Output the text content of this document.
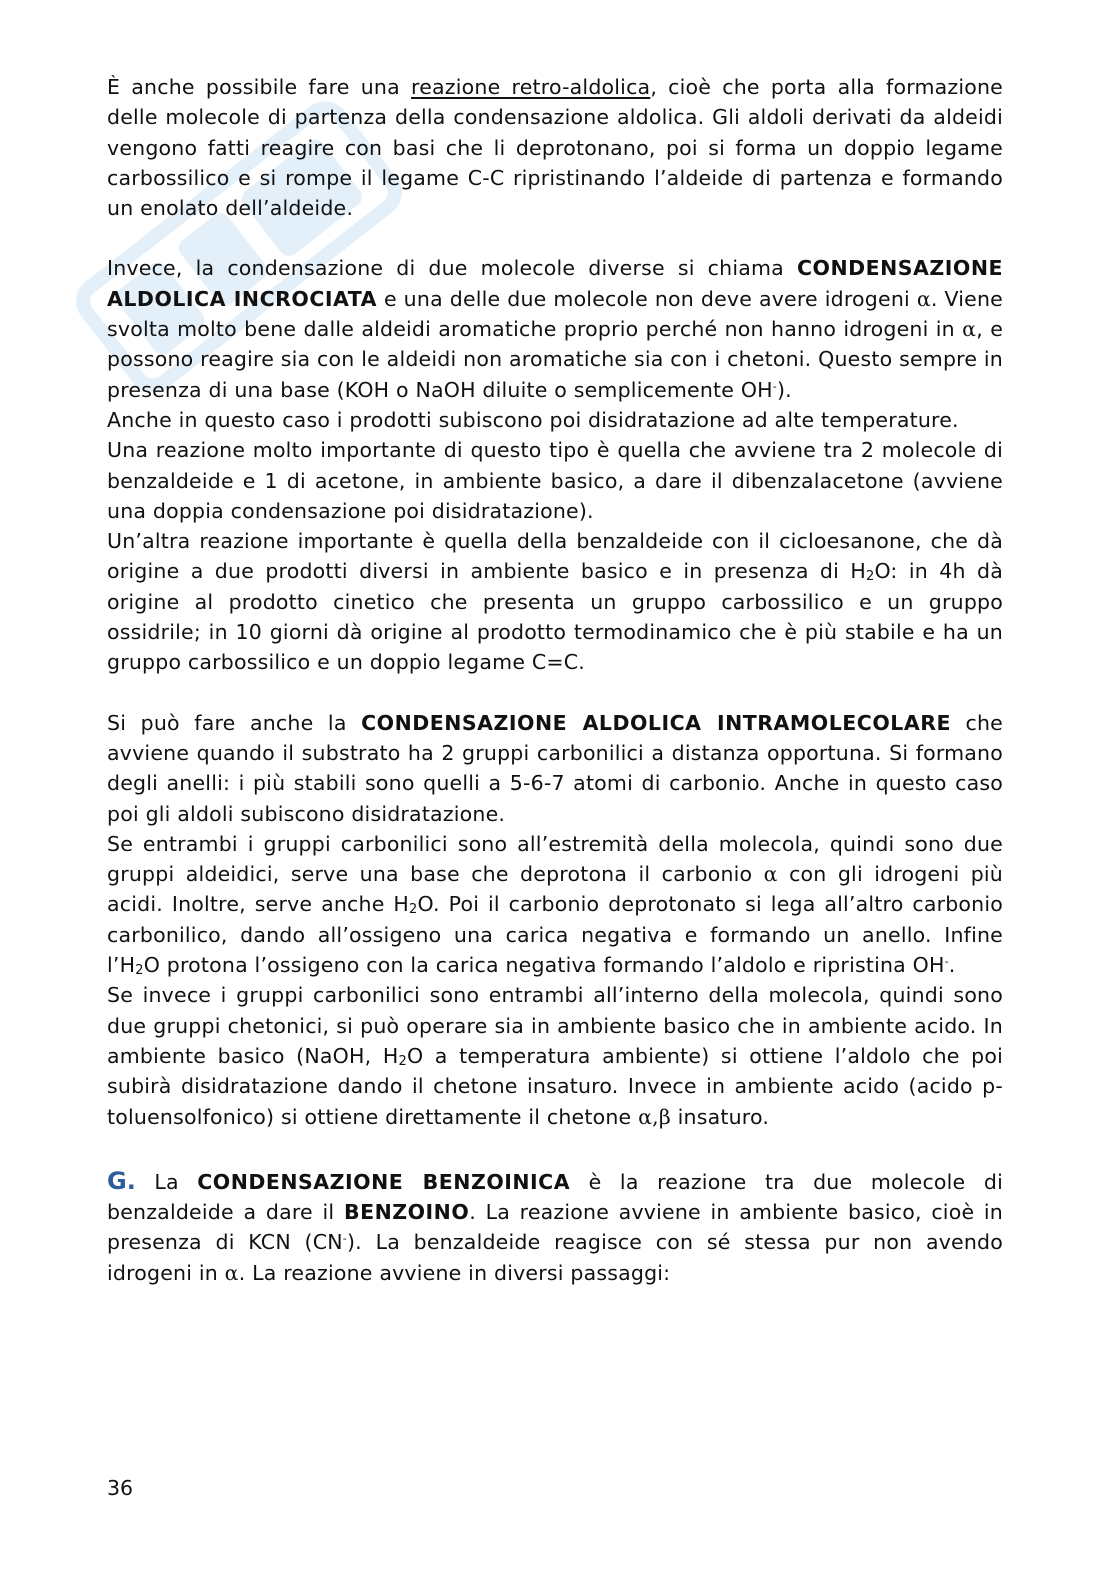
È anche possibile fare una reazione retro-aldolica, cioè che porta alla formazione delle molecole di partenza della condensazione aldolica. Gli aldoli derivati da aldeidi vengono fatti reagire con basi che li deprotonano, poi si forma un doppio legame carbossilico e si rompe il legame C-C ripristinando l’aldeide di partenza e formando un enolato dell’aldeide.

Invece, la condensazione di due molecole diverse si chiama CONDENSAZIONE ALDOLICA INCROCIATA e una delle due molecole non deve avere idrogeni α. Viene svolta molto bene dalle aldeidi aromatiche proprio perché non hanno idrogeni in α, e possono reagire sia con le aldeidi non aromatiche sia con i chetoni. Questo sempre in presenza di una base (KOH o NaOH diluite o semplicemente OH-).

Anche in questo caso i prodotti subiscono poi disidratazione ad alte temperature.

Una reazione molto importante di questo tipo è quella che avviene tra 2 molecole di benzaldeide e 1 di acetone, in ambiente basico, a dare il dibenzalacetone (avviene una doppia condensazione poi disidratazione).

Un’altra reazione importante è quella della benzaldeide con il cicloesanone, che dà origine a due prodotti diversi in ambiente basico e in presenza di $H_2O$: in 4h dà origine al prodotto cinetico che presenta un gruppo carbossilico e un gruppo ossidrile; in 10 giorni dà origine al prodotto termodinamico che è più stabile e ha un gruppo carbossilico e un doppio legame C=C.

Si può fare anche la CONDENSAZIONE ALDOLICA INTRAMOLECOLARE che avviene quando il substrato ha 2 gruppi carbonilici a distanza opportuna. Si formano degli anelli: i più stabili sono quelli a 5-6-7 atomi di carbonio. Anche in questo caso poi gli aldoli subiscono disidratazione.

Se entrambi i gruppi carbonilici sono all’estremità della molecola, quindi sono due gruppi aldeidici, serve una base che deprotona il carbonio α con gli idrogeni più acidi. Inoltre, serve anche $H_2O$. Poi il carbonio deprotonato si lega all’altro carbonio carbonilico, dando all’ossigeno una carica negativa e formando un anello. Infine $l’H_2O$ protona l’ossigeno con la carica negativa formando l’aldolo e ripristina OH-.

Se invece i gruppi carbonilici sono entrambi all’interno della molecola, quindi sono due gruppi chetonici, si può operare sia in ambiente basico che in ambiente acido. In ambiente basico (NaOH, $H_2O$ a temperatura ambiente) si ottiene l’aldolo che poi subirà disidratazione dando il chetone insaturo. Invece in ambiente acido (acido p-toluensolfonico) si ottiene direttamente il chetone α,β insaturo.

G. La CONDENSAZIONE BENZOINICA è la reazione tra due molecole di benzaldeide a dare il BENZOINO. La reazione avviene in ambiente basico, cioè in presenza di KCN (CN-). La benzaldeide reagisce con sé stessa pur non avendo idrogeni in α. La reazione avviene in diversi passaggi:

36
